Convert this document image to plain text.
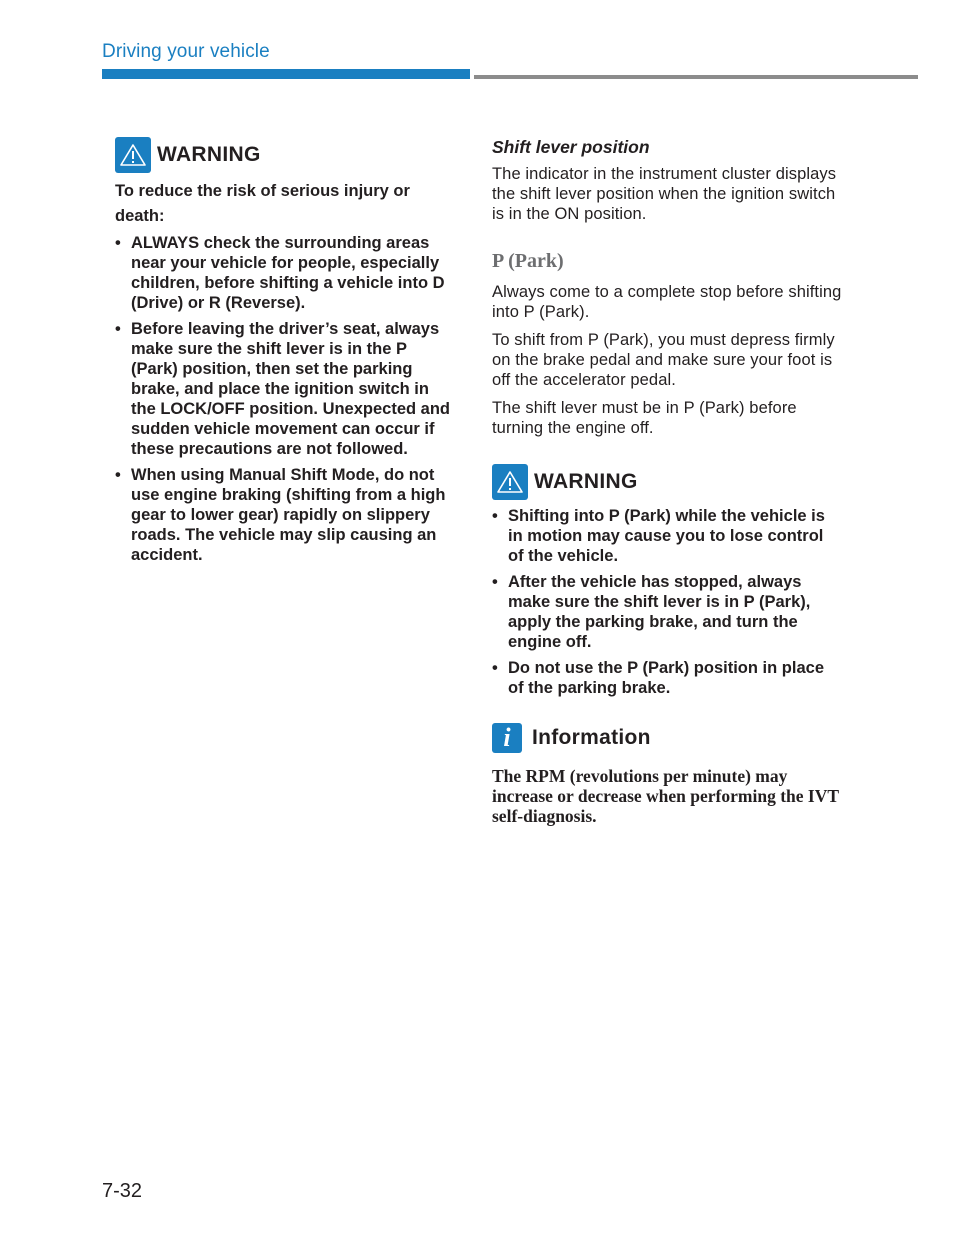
Driving your vehicle
WARNING

To reduce the risk of serious injury or death:

• ALWAYS check the surrounding areas near your vehicle for people, especially children, before shifting a vehicle into D (Drive) or R (Reverse).
• Before leaving the driver’s seat, always make sure the shift lever is in the P (Park) position, then set the parking brake, and place the ignition switch in the LOCK/OFF position. Unexpected and sudden vehicle movement can occur if these precautions are not followed.
• When using Manual Shift Mode, do not use engine braking (shifting from a high gear to lower gear) rapidly on slippery roads. The vehicle may slip causing an accident.
Shift lever position

The indicator in the instrument cluster displays the shift lever position when the ignition switch is in the ON position.

P (Park)

Always come to a complete stop before shifting into P (Park).

To shift from P (Park), you must depress firmly on the brake pedal and make sure your foot is off the accelerator pedal.

The shift lever must be in P (Park) before turning the engine off.

WARNING
• Shifting into P (Park) while the vehicle is in motion may cause you to lose control of the vehicle.
• After the vehicle has stopped, always make sure the shift lever is in P (Park), apply the parking brake, and turn the engine off.
• Do not use the P (Park) position in place of the parking brake.
i	Information

The RPM (revolutions per minute) may increase or decrease when performing the IVT self-diagnosis.

7-32
